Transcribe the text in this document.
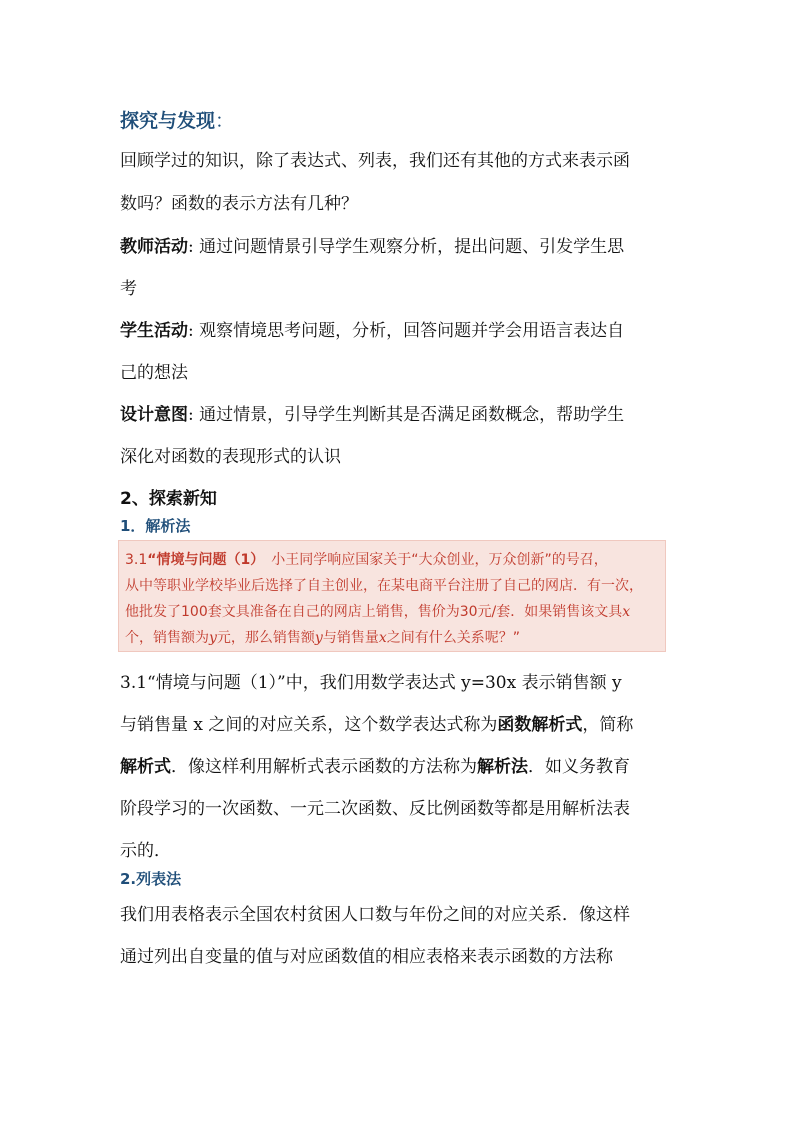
探究与发现：
回顾学过的知识，除了表达式、列表，我们还有其他的方式来表示函
数吗？函数的表示方法有几种？
教师活动: 通过问题情景引导学生观察分析，提出问题、引发学生思
考
学生活动: 观察情境思考问题，分析，回答问题并学会用语言表达自
己的想法
设计意图: 通过情景，引导学生判断其是否满足函数概念，帮助学生
深化对函数的表现形式的认识
2、探索新知
1．解析法
3.1“情境与问题（1）　小王同学响应国家关于“大众创业，万众创新”的号召，
从中等职业学校毕业后选择了自主创业，在某电商平台注册了自己的网店．有一次，
他批发了100套文具准备在自己的网店上销售，售价为30元/套．如果销售该文具x
个，销售额为y元，那么销售额y与销售量x之间有什么关系呢？”
3.1“情境与问题（1）”中，我们用数学表达式 y=30x 表示销售额 y
与销售量 x 之间的对应关系，这个数学表达式称为函数解析式，简称
解析式．像这样利用解析式表示函数的方法称为解析法．如义务教育
阶段学习的一次函数、一元二次函数、反比例函数等都是用解析法表
示的．
2.列表法
我们用表格表示全国农村贫困人口数与年份之间的对应关系．像这样
通过列出自变量的值与对应函数值的相应表格来表示函数的方法称
